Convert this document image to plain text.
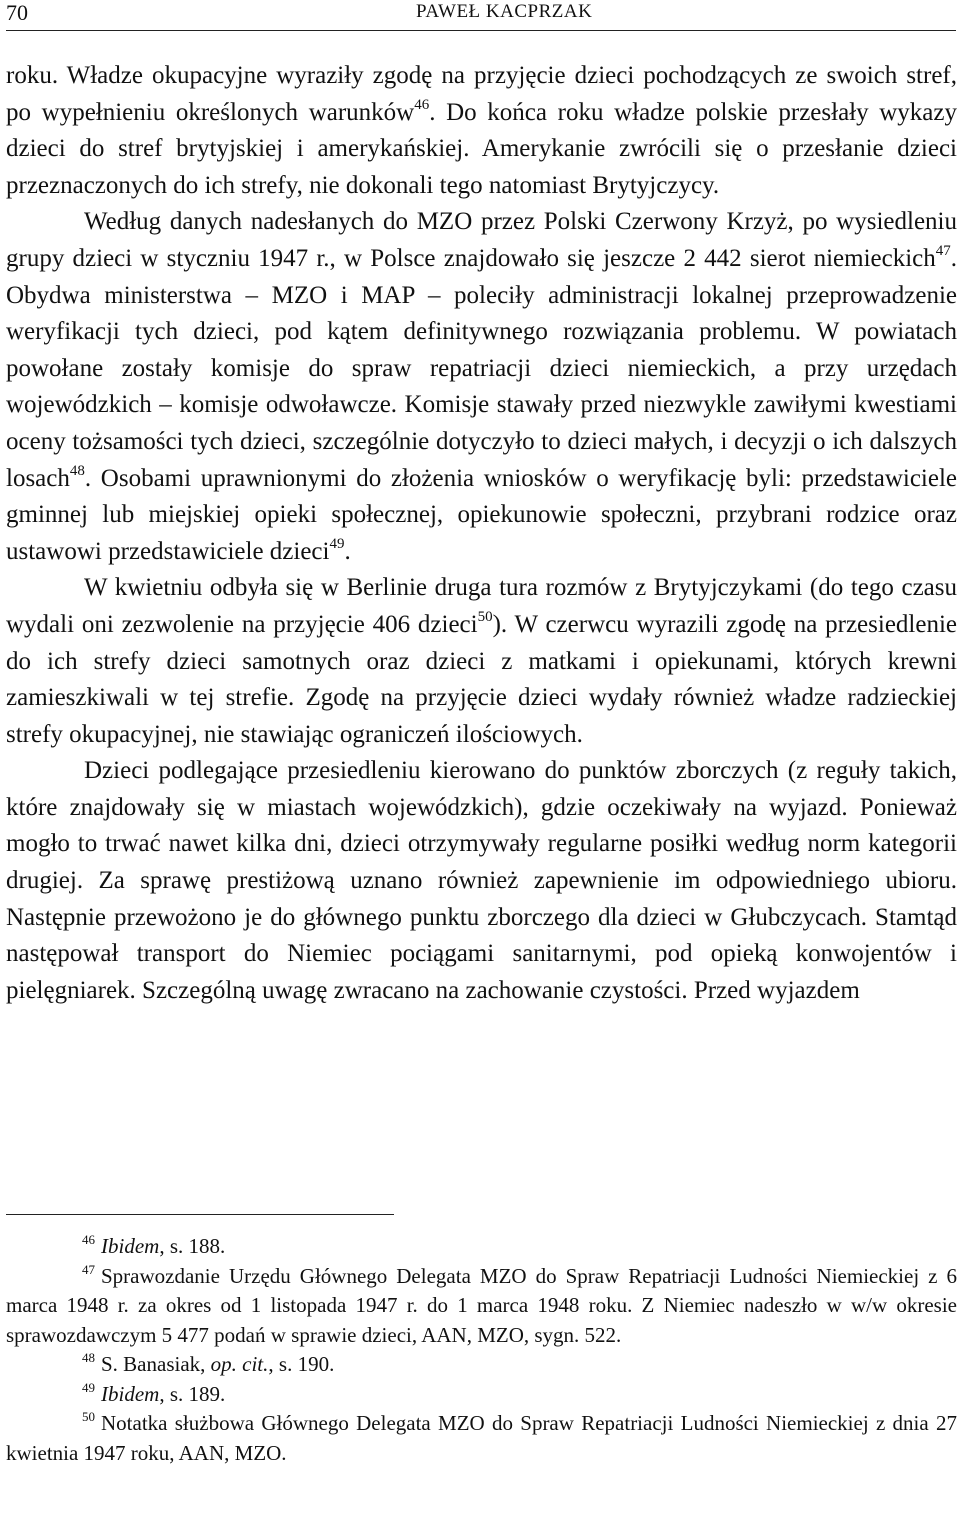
70	PAWEŁ KACPRZAK

roku. Władze okupacyjne wyraziły zgodę na przyjęcie dzieci pochodzących ze swoich stref, po wypełnieniu określonych warunków$^{46}$. Do końca roku władze polskie przesłały wykazy dzieci do stref brytyjskiej i amerykańskiej. Amerykanie zwrócili się o przesłanie dzieci przeznaczonych do ich strefy, nie dokonali tego natomiast Brytyjczycy.

Według danych nadesłanych do MZO przez Polski Czerwony Krzyż, po wysiedleniu grupy dzieci w styczniu 1947 r., w Polsce znajdowało się jeszcze 2 442 sierot niemieckich$^{47}$. Obydwa ministerstwa – MZO i MAP – poleciły administracji lokalnej przeprowadzenie weryfikacji tych dzieci, pod kątem definitywnego rozwiązania problemu. W powiatach powołane zostały komisje do spraw repatriacji dzieci niemieckich, a przy urzędach wojewódzkich – komisje odwoławcze. Komisje stawały przed niezwykle zawiłymi kwestiami oceny tożsamości tych dzieci, szczególnie dotyczyło to dzieci małych, i decyzji o ich dalszych losach$^{48}$. Osobami uprawnionymi do złożenia wniosków o weryfikację byli: przedstawiciele gminnej lub miejskiej opieki społecznej, opiekunowie społeczni, przybrani rodzice oraz ustawowi przedstawiciele dzieci$^{49}$.

W kwietniu odbyła się w Berlinie druga tura rozmów z Brytyjczykami (do tego czasu wydali oni zezwolenie na przyjęcie 406 dzieci$^{50}$). W czerwcu wyrazili zgodę na przesiedlenie do ich strefy dzieci samotnych oraz dzieci z matkami i opiekunami, których krewni zamieszkiwali w tej strefie. Zgodę na przyjęcie dzieci wydały również władze radzieckiej strefy okupacyjnej, nie stawiając ograniczeń ilościowych.

Dzieci podlegające przesiedleniu kierowano do punktów zborczych (z reguły takich, które znajdowały się w miastach wojewódzkich), gdzie oczekiwały na wyjazd. Ponieważ mogło to trwać nawet kilka dni, dzieci otrzymywały regularne posiłki według norm kategorii drugiej. Za sprawę prestiżową uznano również zapewnienie im odpowiedniego ubioru. Następnie przewożono je do głównego punktu zborczego dla dzieci w Głubczycach. Stamtąd następował transport do Niemiec pociągami sanitarnymi, pod opieką konwojentów i pielęgniarek. Szczególną uwagę zwracano na zachowanie czystości. Przed wyjazdem

$^{46}$ Ibidem, s. 188.

$^{47}$ Sprawozdanie Urzędu Głównego Delegata MZO do Spraw Repatriacji Ludności Niemieckiej z 6 marca 1948 r. za okres od 1 listopada 1947 r. do 1 marca 1948 roku. Z Niemiec nadeszło w w/w okresie sprawozdawczym 5 477 podań w sprawie dzieci, AAN, MZO, sygn. 522.

$^{48}$ S. Banasiak, op. cit., s. 190.

$^{49}$ Ibidem, s. 189.

$^{50}$ Notatka służbowa Głównego Delegata MZO do Spraw Repatriacji Ludności Niemieckiej z dnia 27 kwietnia 1947 roku, AAN, MZO.
